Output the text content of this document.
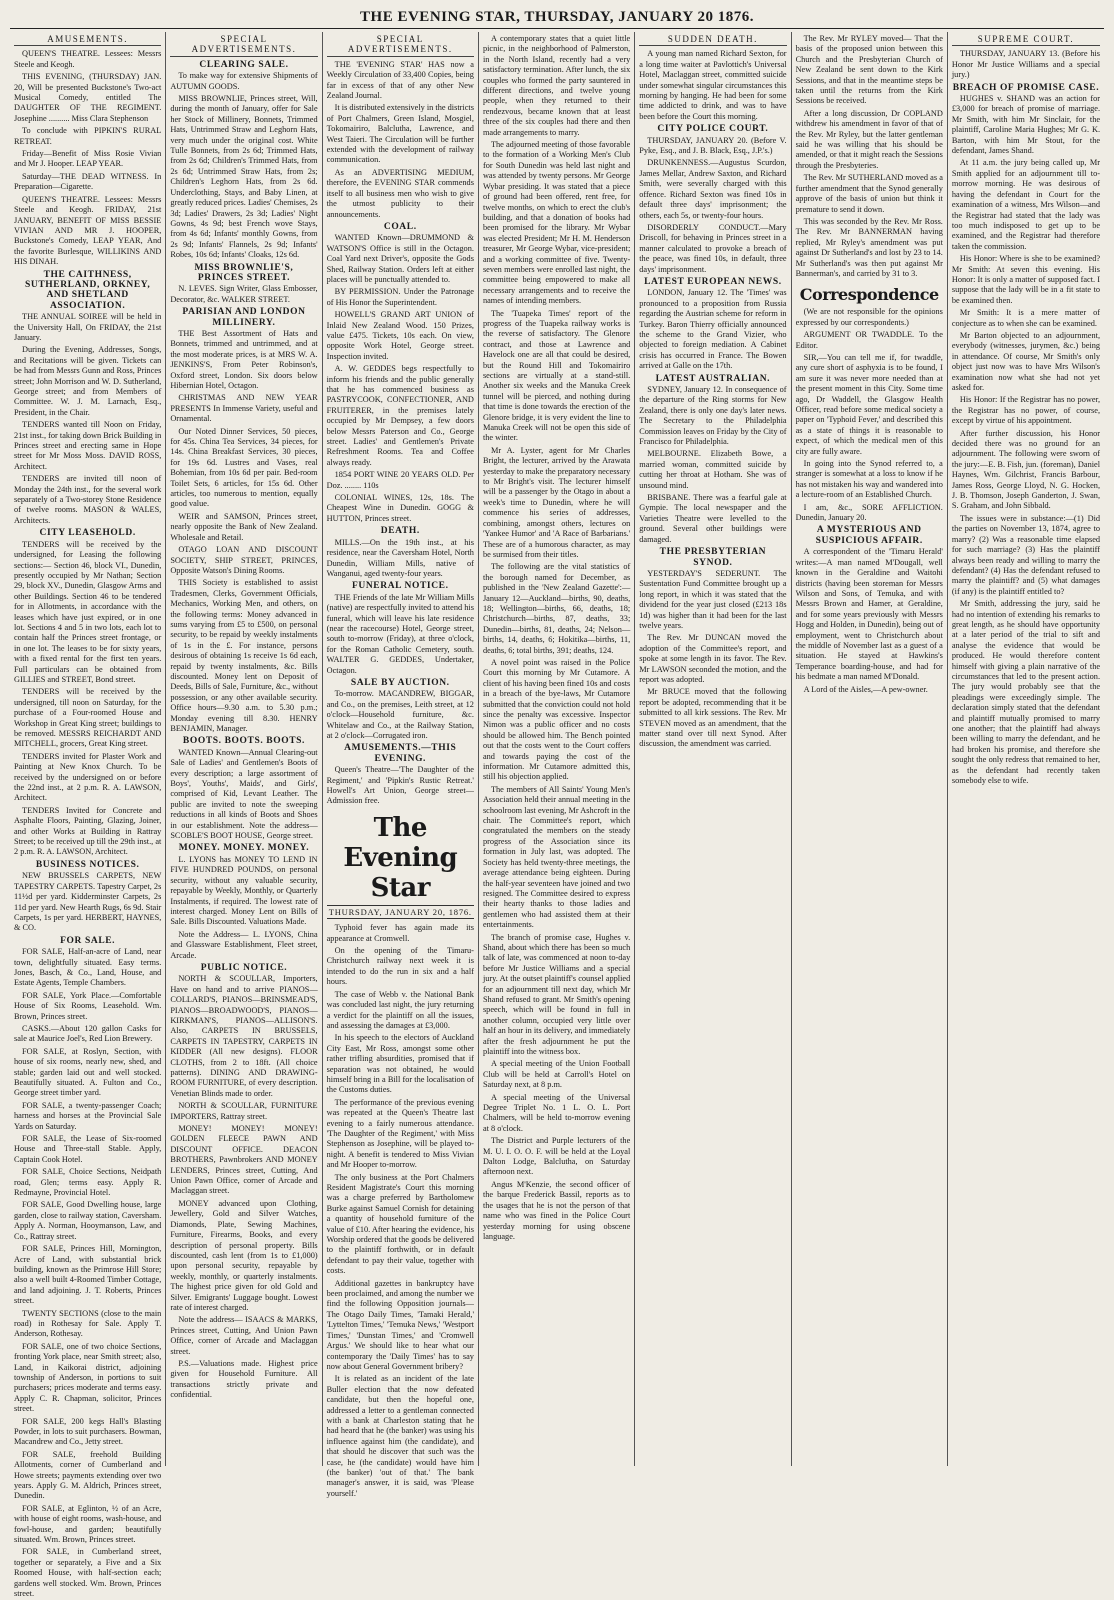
THE EVENING STAR, THURSDAY, JANUARY 20 1876.
AMUSEMENTS.
QUEEN'S THEATRE. Lessees: Messrs Steele and Keogh.
THIS EVENING, (THURSDAY) JAN. 20, Will be presented Buckstone's Two-act Musical Comedy, entitled The DAUGHTER OF THE REGIMENT. Josephine .......... Miss Clara Stephenson
To conclude with PIPKIN'S RURAL RETREAT.
Friday—Benefit of Miss Rosie Vivian and Mr J. Hooper. LEAP YEAR.
Saturday—THE DEAD WITNESS. In Preparation—Cigarette.
QUEEN'S THEATRE. Lessees: Messrs Steele and Keogh. FRIDAY, 21st JANUARY, BENEFIT OF MISS BESSIE VIVIAN AND MR J. HOOPER, Buckstone's Comedy, LEAP YEAR, And the favorite Burlesque, WILLIKINS AND HIS DINAH.
THE CAITHNESS, SUTHERLAND, ORKNEY, AND SHETLAND ASSOCIATION.
THE ANNUAL SOIREE will be held in the University Hall, On FRIDAY, the 21st January.
During the Evening, Addresses, Songs, and Recitations will be given. Tickets can be had from Messrs Gunn and Ross, Princes street; John Morrison and W. D. Sutherland, George street; and from Members of Committee. W. J. M. Larnach, Esq., President, in the Chair.
TENDERS wanted till Noon on Friday, 21st inst., for taking down Brick Building in Princes street and erecting same in Hope street for Mr Moss Moss. DAVID ROSS, Architect.
TENDERS are invited till noon of Monday the 24th inst., for the several work separately of a Two-storey Stone Residence of twelve rooms. MASON & WALES, Architects.
CITY LEASEHOLD.
TENDERS will be received by the undersigned, for Leasing the following sections:— Section 46, block VI., Dunedin, presently occupied by Mr Nathan; Section 29, block XV., Dunedin, Glasgow Arms and other Buildings. Section 46 to be tendered for in Allotments, in accordance with the leases which have just expired, or in one lot. Sections 4 and 5 in two lots, each lot to contain half the Princes street frontage, or in one lot. The leases to be for sixty years, with a fixed rental for the first ten years. Full particulars can be obtained from GILLIES and STREET, Bond street.
TENDERS will be received by the undersigned, till noon on Saturday, for the purchase of a Four-roomed House and Workshop in Great King street; buildings to be removed. MESSRS REICHARDT AND MITCHELL, grocers, Great King street.
TENDERS invited for Plaster Work and Painting at New Knox Church. To be received by the undersigned on or before the 22nd inst., at 2 p.m. R. A. LAWSON, Architect.
TENDERS Invited for Concrete and Asphalte Floors, Painting, Glazing, Joiner, and other Works at Building in Rattray Street; to be received up till the 29th inst., at 2 p.m. R. A. LAWSON, Architect.
BUSINESS NOTICES.
NEW BRUSSELS CARPETS, NEW TAPESTRY CARPETS. Tapestry Carpet, 2s 11½d per yard. Kidderminster Carpets, 2s 11d per yard. New Hearth Rugs, 6s 9d. Stair Carpets, 1s per yard. HERBERT, HAYNES, & CO.
FOR SALE.
FOR SALE, Half-an-acre of Land, near town, delightfully situated. Easy terms. Jones, Basch, & Co., Land, House, and Estate Agents, Temple Chambers.
FOR SALE, York Place.—Comfortable House of Six Rooms, Leasehold. Wm. Brown, Princes street.
CASKS.—About 120 gallon Casks for sale at Maurice Joel's, Red Lion Brewery.
FOR SALE, at Roslyn, Section, with house of six rooms, nearly new, shed, and stable; garden laid out and well stocked. Beautifully situated. A. Fulton and Co., George street timber yard.
FOR SALE, a twenty-passenger Coach; harness and horses at the Provincial Sale Yards on Saturday.
FOR SALE, the Lease of Six-roomed House and Three-stall Stable. Apply, Captain Cook Hotel.
FOR SALE, Choice Sections, Neidpath road, Glen; terms easy. Apply R. Redmayne, Provincial Hotel.
FOR SALE, Good Dwelling house, large garden, close to railway station, Caversham. Apply A. Norman, Hooymanson, Law, and Co., Rattray street.
FOR SALE, Princes Hill, Mornington, Acre of Land, with substantial brick building, known as the Primrose Hill Store; also a well built 4-Roomed Timber Cottage, and land adjoining. J. T. Roberts, Princes street.
TWENTY SECTIONS (close to the main road) in Rothesay for Sale. Apply T. Anderson, Rothesay.
FOR SALE, one of two choice Sections, fronting York place, near Smith street; also, Land, in Kaikorai district, adjoining township of Anderson, in portions to suit purchasers; prices moderate and terms easy. Apply C. R. Chapman, solicitor, Princes street.
FOR SALE, 200 kegs Hall's Blasting Powder, in lots to suit purchasers. Bowman, Macandrew and Co., Jetty street.
FOR SALE, freehold Building Allotments, corner of Cumberland and Howe streets; payments extending over two years. Apply G. M. Aldrich, Princes street, Dunedin.
FOR SALE, at Eglinton, ½ of an Acre, with house of eight rooms, wash-house, and fowl-house, and garden; beautifully situated. Wm. Brown, Princes street.
FOR SALE, in Cumberland street, together or separately, a Five and a Six Roomed House, with half-section each; gardens well stocked. Wm. Brown, Princes street.
SPECIAL ADVERTISEMENTS.
CLEARING SALE.
To make way for extensive Shipments of AUTUMN GOODS.
MISS BROWNLIE, Princes street, Will, during the month of January, offer for Sale her Stock of Millinery, Bonnets, Trimmed Hats, Untrimmed Straw and Leghorn Hats, very much under the original cost. White Tulle Bonnets, from 2s 6d; Trimmed Hats, from 2s 6d; Children's Trimmed Hats, from 2s 6d; Untrimmed Straw Hats, from 2s; Children's Leghorn Hats, from 2s 6d. Underclothing, Stays, and Baby Linen, at greatly reduced prices. Ladies' Chemises, 2s 3d; Ladies' Drawers, 2s 3d; Ladies' Night Gowns, 4s 9d; best French wove Stays, from 4s 6d; Infants' monthly Gowns, from 2s 9d; Infants' Flannels, 2s 9d; Infants' Robes, 10s 6d; Infants' Cloaks, 12s 6d.
MISS BROWNLIE'S, PRINCES STREET.
N. LEVES. Sign Writer, Glass Embosser, Decorator, &c. WALKER STREET.
PARISIAN AND LONDON MILLINERY.
THE Best Assortment of Hats and Bonnets, trimmed and untrimmed, and at the most moderate prices, is at MRS W. A. JENKINS'S, From Peter Robinson's, Oxford street, London. Six doors below Hibernian Hotel, Octagon.
CHRISTMAS AND NEW YEAR PRESENTS In Immense Variety, useful and Ornamental.
Our Noted Dinner Services, 50 pieces, for 45s. China Tea Services, 34 pieces, for 14s. China Breakfast Services, 30 pieces, for 19s 6d. Lustres and Vases, real Bohemian, from 10s 6d per pair. Bed-room Toilet Sets, 6 articles, for 15s 6d. Other articles, too numerous to mention, equally good value.
WEIR and SAMSON, Princes street, nearly opposite the Bank of New Zealand. Wholesale and Retail.
OTAGO LOAN AND DISCOUNT SOCIETY, SHIP STREET, PRINCES, Opposite Watson's Dining Rooms.
THIS Society is established to assist Tradesmen, Clerks, Government Officials, Mechanics, Working Men, and others, on the following terms: Money advanced in sums varying from £5 to £500, on personal security, to be repaid by weekly instalments of 1s in the £. For instance, persons desirous of obtaining 1s receive 1s 6d each, repaid by twenty instalments, &c. Bills discounted. Money lent on Deposit of Deeds, Bills of Sale, Furniture, &c., without possession, or any other available security. Office hours—9.30 a.m. to 5.30 p.m.; Monday evening till 8.30. HENRY BENJAMIN, Manager.
BOOTS. BOOTS. BOOTS.
WANTED Known—Annual Clearing-out Sale of Ladies' and Gentlemen's Boots of every description; a large assortment of Boys', Youths', Maids', and Girls', comprised of Kid, Levant Leather. The public are invited to note the sweeping reductions in all kinds of Boots and Shoes in our establishment. Note the address— SCOBLE'S BOOT HOUSE, George street.
MONEY. MONEY. MONEY.
L. LYONS has MONEY TO LEND IN FIVE HUNDRED POUNDS, on personal security, without any valuable security, repayable by Weekly, Monthly, or Quarterly Instalments, if required. The lowest rate of interest charged. Money Lent on Bills of Sale. Bills Discounted. Valuations Made.
Note the Address— L. LYONS, China and Glassware Establishment, Fleet street, Arcade.
PUBLIC NOTICE.
NORTH & SCOULLAR, Importers, Have on hand and to arrive PIANOS—COLLARD'S, PIANOS—BRINSMEAD'S, PIANOS—BROADWOOD'S, PIANOS—KIRKMAN'S, PIANOS—ALLISON'S. Also, CARPETS IN BRUSSELS, CARPETS IN TAPESTRY, CARPETS IN KIDDER (All new designs). FLOOR CLOTHS, from 2 to 18ft. (All choice patterns). DINING AND DRAWING-ROOM FURNITURE, of every description. Venetian Blinds made to order.
NORTH & SCOULLAR, FURNITURE IMPORTERS, Rattray street.
MONEY! MONEY! MONEY! GOLDEN FLEECE PAWN AND DISCOUNT OFFICE. DEACON BROTHERS, Pawnbrokers AND MONEY LENDERS, Princes street, Cutting, And Union Pawn Office, corner of Arcade and Maclaggan street.
MONEY advanced upon Clothing, Jewellery, Gold and Silver Watches, Diamonds, Plate, Sewing Machines, Furniture, Firearms, Books, and every description of personal property. Bills discounted, cash lent (from 1s to £1,000) upon personal security, repayable by weekly, monthly, or quarterly instalments. The highest price given for old Gold and Silver. Emigrants' Luggage bought. Lowest rate of interest charged.
Note the address— ISAACS & MARKS, Princes street, Cutting, And Union Pawn Office, corner of Arcade and Maclaggan street.
P.S.—Valuations made. Highest price given for Household Furniture. All transactions strictly private and confidential.
SPECIAL ADVERTISEMENTS.
THE 'EVENING STAR' HAS now a Weekly Circulation of 33,400 Copies, being far in excess of that of any other New Zealand Journal.
It is distributed extensively in the districts of Port Chalmers, Green Island, Mosgiel, Tokomairiro, Balclutha, Lawrence, and West Taieri. The Circulation will be further extended with the development of railway communication.
As an ADVERTISING MEDIUM, therefore, the EVENING STAR commends itself to all business men who wish to give the utmost publicity to their announcements.
COAL.
WANTED Known—DRUMMOND & WATSON'S Office is still in the Octagon. Coal Yard next Driver's, opposite the Gods Shed, Railway Station. Orders left at either places will be punctually attended to.
BY PERMISSION. Under the Patronage of His Honor the Superintendent.
HOWELL'S GRAND ART UNION of Inlaid New Zealand Wood. 150 Prizes, value £475. Tickets, 10s each. On view, opposite Work Hotel, George street. Inspection invited.
A. W. GEDDES begs respectfully to inform his friends and the public generally that he has commenced business as PASTRYCOOK, CONFECTIONER, AND FRUITERER, in the premises lately occupied by Mr Dempsey, a few doors below Messrs Paterson and Co., George street. Ladies' and Gentlemen's Private Refreshment Rooms. Tea and Coffee always ready.
1854 PORT WINE 20 YEARS OLD. Per Doz. ........ 110s
COLONIAL WINES, 12s, 18s. The Cheapest Wine in Dunedin. GOGG & HUTTON, Princes street.
DEATH.
MILLS.—On the 19th inst., at his residence, near the Caversham Hotel, North Dunedin, William Mills, native of Wanganui, aged twenty-four years.
FUNERAL NOTICE.
THE Friends of the late Mr William Mills (native) are respectfully invited to attend his funeral, which will leave his late residence (near the racecourse) Hotel, George street, south to-morrow (Friday), at three o'clock, for the Roman Catholic Cemetery, south. WALTER G. GEDDES, Undertaker, Octagon.
SALE BY AUCTION.
To-morrow. MACANDREW, BIGGAR, and Co., on the premises, Leith street, at 12 o'clock—Household furniture, &c. Whitelaw and Co., at the Railway Station, at 2 o'clock—Corrugated iron.
AMUSEMENTS.—THIS EVENING.
Queen's Theatre—'The Daughter of the Regiment,' and 'Pipkin's Rustic Retreat.' Howell's Art Union, George street—Admission free.
The Evening Star
THURSDAY, JANUARY 20, 1876.
Typhoid fever has again made its appearance at Cromwell.
On the opening of the Timaru-Christchurch railway next week it is intended to do the run in six and a half hours.
The case of Webb v. the National Bank was concluded last night, the jury returning a verdict for the plaintiff on all the issues, and assessing the damages at £3,000.
In his speech to the electors of Auckland City East, Mr Ross, amongst some other rather trifling absurdities, promised that if separation was not obtained, he would himself bring in a Bill for the localisation of the Customs duties.
The performance of the previous evening was repeated at the Queen's Theatre last evening to a fairly numerous attendance. 'The Daughter of the Regiment,' with Miss Stephenson as Josephine, will be played to-night. A benefit is tendered to Miss Vivian and Mr Hooper to-morrow.
The only business at the Port Chalmers Resident Magistrate's Court this morning was a charge preferred by Bartholomew Burke against Samuel Cornish for detaining a quantity of household furniture of the value of £10. After hearing the evidence, his Worship ordered that the goods be delivered to the plaintiff forthwith, or in default defendant to pay their value, together with costs.
Additional gazettes in bankruptcy have been proclaimed, and among the number we find the following Opposition journals—The Otago Daily Times, 'Tamaki Herald,' 'Lyttelton Times,' 'Temuka News,' 'Westport Times,' 'Dunstan Times,' and 'Cromwell Argus.' We should like to hear what our contemporary the 'Daily Times' has to say now about General Government bribery?
It is related as an incident of the late Buller election that the now defeated candidate, but then the hopeful one, addressed a letter to a gentleman connected with a bank at Charleston stating that he had heard that he (the banker) was using his influence against him (the candidate), and that should he discover that such was the case, he (the candidate) would have him (the banker) 'out of that.' The bank manager's answer, it is said, was 'Please yourself.'
A contemporary states that a quiet little picnic, in the neighborhood of Palmerston, in the North Island, recently had a very satisfactory termination. After lunch, the six couples who formed the party sauntered in different directions, and twelve young people, when they returned to their rendezvous, became known that at least three of the six couples had there and then made arrangements to marry.
The adjourned meeting of those favorable to the formation of a Working Men's Club for South Dunedin was held last night and was attended by twenty persons. Mr George Wybar presiding. It was stated that a piece of ground had been offered, rent free, for twelve months, on which to erect the club's building, and that a donation of books had been promised for the library. Mr Wybar was elected President; Mr H. M. Henderson treasurer, Mr George Wybar, vice-president; and a working committee of five. Twenty-seven members were enrolled last night, the committee being empowered to make all necessary arrangements and to receive the names of intending members.
The 'Tuapeka Times' report of the progress of the Tuapeka railway works is the reverse of satisfactory. The Glenore contract, and those at Lawrence and Havelock one are all that could be desired, but the Round Hill and Tokomairiro sections are virtually at a stand-still. Another six weeks and the Manuka Creek tunnel will be pierced, and nothing during that time is done towards the erection of the Glenore bridge, it is very evident the line to Manuka Creek will not be open this side of the winter.
Mr A. Lyster, agent for Mr Charles Bright, the lecturer, arrived by the Arawata yesterday to make the preparatory necessary to Mr Bright's visit. The lecturer himself will be a passenger by the Otago in about a week's time to Dunedin, where he will commence his series of addresses, combining, amongst others, lectures on 'Yankee Humor' and 'A Race of Barbarians.' These are of a humorous character, as may be surmised from their titles.
The following are the vital statistics of the borough named for December, as published in the 'New Zealand Gazette':— January 12—Auckland—births, 90, deaths, 18; Wellington—births, 66, deaths, 18; Christchurch—births, 87, deaths, 33; Dunedin—births, 81, deaths, 24; Nelson—births, 14, deaths, 6; Hokitika—births, 11, deaths, 6; total births, 391; deaths, 124.
A novel point was raised in the Police Court this morning by Mr Cutamore. A client of his having been fined 10s and costs in a breach of the bye-laws, Mr Cutamore submitted that the conviction could not hold since the penalty was excessive. Inspector Nimon was a public officer and no costs should be allowed him. The Bench pointed out that the costs went to the Court coffers and towards paying the cost of the information. Mr Cutamore admitted this, still his objection applied.
The members of All Saints' Young Men's Association held their annual meeting in the schoolroom last evening, Mr Ashcroft in the chair. The Committee's report, which congratulated the members on the steady progress of the Association since its formation in July last, was adopted. The Society has held twenty-three meetings, the average attendance being eighteen. During the half-year seventeen have joined and two resigned. The Committee desired to express their hearty thanks to those ladies and gentlemen who had assisted them at their entertainments.
The branch of promise case, Hughes v. Shand, about which there has been so much talk of late, was commenced at noon to-day before Mr Justice Williams and a special jury. At the outset plaintiff's counsel applied for an adjournment till next day, which Mr Shand refused to grant. Mr Smith's opening speech, which will be found in full in another column, occupied very little over half an hour in its delivery, and immediately after the fresh adjournment he put the plaintiff into the witness box.
A special meeting of the Union Football Club will be held at Carroll's Hotel on Saturday next, at 8 p.m.
A special meeting of the Universal Degree Triplet No. 1 L. O. L. Port Chalmers, will be held to-morrow evening at 8 o'clock.
The District and Purple lecturers of the M. U. I. O. O. F. will be held at the Loyal Dalton Lodge, Balclutha, on Saturday afternoon next.
Angus M'Kenzie, the second officer of the barque Frederick Bassil, reports as to the usages that he is not the person of that name who was fined in the Police Court yesterday morning for using obscene language.
SUDDEN DEATH.
A young man named Richard Sexton, for a long time waiter at Pavlottich's Universal Hotel, Maclaggan street, committed suicide under somewhat singular circumstances this morning by hanging. He had been for some time addicted to drink, and was to have been before the Court this morning.
CITY POLICE COURT.
THURSDAY, JANUARY 20. (Before V. Pyke, Esq., and J. B. Black, Esq., J.P.'s.)
DRUNKENNESS.—Augustus Scurdon, James Mellar, Andrew Saxton, and Richard Smith, were severally charged with this offence. Richard Sexton was fined 10s in default three days' imprisonment; the others, each 5s, or twenty-four hours.
DISORDERLY CONDUCT.—Mary Driscoll, for behaving in Princes street in a manner calculated to provoke a breach of the peace, was fined 10s, in default, three days' imprisonment.
LATEST EUROPEAN NEWS.
LONDON, January 12. The 'Times' was pronounced to a proposition from Russia regarding the Austrian scheme for reform in Turkey. Baron Thierry officially announced the scheme to the Grand Vizier, who objected to foreign mediation. A Cabinet crisis has occurred in France. The Bowen arrived at Galle on the 17th.
LATEST AUSTRALIAN.
SYDNEY, January 12. In consequence of the departure of the Ring storms for New Zealand, there is only one day's later news. The Secretary to the Philadelphia Commission leaves on Friday by the City of Francisco for Philadelphia.
MELBOURNE. Elizabeth Bowe, a married woman, committed suicide by cutting her throat at Hotham. She was of unsound mind.
BRISBANE. There was a fearful gale at Gympie. The local newspaper and the Varieties Theatre were levelled to the ground. Several other buildings were damaged.
THE PRESBYTERIAN SYNOD.
YESTERDAY'S SEDERUNT. The Sustentation Fund Committee brought up a long report, in which it was stated that the dividend for the year just closed (£213 18s 1d) was higher than it had been for the last twelve years.
The Rev. Mr DUNCAN moved the adoption of the Committee's report, and spoke at some length in its favor. The Rev. Mr LAWSON seconded the motion, and the report was adopted.
Mr BRUCE moved that the following report be adopted, recommending that it be submitted to all kirk sessions. The Rev. Mr STEVEN moved as an amendment, that the matter stand over till next Synod. After discussion, the amendment was carried.
The Rev. Mr RYLEY moved— That the basis of the proposed union between this Church and the Presbyterian Church of New Zealand be sent down to the Kirk Sessions, and that in the meantime steps be taken until the returns from the Kirk Sessions be received.
After a long discussion, Dr COPLAND withdrew his amendment in favor of that of the Rev. Mr Ryley, but the latter gentleman said he was willing that his should be amended, or that it might reach the Sessions through the Presbyteries.
The Rev. Mr SUTHERLAND moved as a further amendment that the Synod generally approve of the basis of union but think it premature to send it down.
This was seconded by the Rev. Mr Ross. The Rev. Mr BANNERMAN having replied, Mr Ryley's amendment was put against Dr Sutherland's and lost by 23 to 14. Mr Sutherland's was then put against Mr Bannerman's, and carried by 31 to 3.
Correspondence
(We are not responsible for the opinions expressed by our correspondents.)
ARGUMENT OR TWADDLE. To the Editor.
SIR,—You can tell me if, for twaddle, any cure short of asphyxia is to be found, I am sure it was never more needed than at the present moment in this City. Some time ago, Dr Waddell, the Glasgow Health Officer, read before some medical society a paper on 'Typhoid Fever,' and described this as a state of things it is reasonable to expect, of which the medical men of this city are fully aware.
In going into the Synod referred to, a stranger is somewhat at a loss to know if he has not mistaken his way and wandered into a lecture-room of an Established Church.
I am, &c., SORE AFFLICTION. Dunedin, January 20.
A MYSTERIOUS AND SUSPICIOUS AFFAIR.
A correspondent of the 'Timaru Herald' writes:—A man named M'Dougall, well known in the Geraldine and Waitohi districts (having been storeman for Messrs Wilson and Sons, of Temuka, and with Messrs Brown and Hamer, at Geraldine, and for some years previously with Messrs Hogg and Holden, in Dunedin), being out of employment, went to Christchurch about the middle of November last as a guest of a situation. He stayed at Hawkins's Temperance boarding-house, and had for his bedmate a man named M'Donald.
A Lord of the Aisles,—A pew-owner.
SUPREME COURT.
THURSDAY, JANUARY 13. (Before his Honor Mr Justice Williams and a special jury.)
BREACH OF PROMISE CASE.
HUGHES v. SHAND was an action for £3,000 for breach of promise of marriage. Mr Smith, with him Mr Sinclair, for the plaintiff, Caroline Maria Hughes; Mr G. K. Barton, with him Mr Stout, for the defendant, James Shand.
At 11 a.m. the jury being called up, Mr Smith applied for an adjournment till to-morrow morning. He was desirous of having the defendant in Court for the examination of a witness, Mrs Wilson—and the Registrar had stated that the lady was too much indisposed to get up to be examined, and the Registrar had therefore taken the commission.
His Honor: Where is she to be examined? Mr Smith: At seven this evening. His Honor: It is only a matter of supposed fact. I suppose that the lady will be in a fit state to be examined then.
Mr Smith: It is a mere matter of conjecture as to when she can be examined.
Mr Barton objected to an adjournment, everybody (witnesses, jurymen, &c.) being in attendance. Of course, Mr Smith's only object just now was to have Mrs Wilson's examination now what she had not yet asked for.
His Honor: If the Registrar has no power, the Registrar has no power, of course, except by virtue of his appointment.
After further discussion, his Honor decided there was no ground for an adjournment. The following were sworn of the jury:—E. B. Fish, jun. (foreman), Daniel Haynes, Wm. Gilchrist, Francis Barbour, James Ross, George Lloyd, N. G. Hocken, J. B. Thomson, Joseph Ganderton, J. Swan, S. Graham, and John Sibbald.
The issues were in substance:—(1) Did the parties on November 13, 1874, agree to marry? (2) Was a reasonable time elapsed for such marriage? (3) Has the plaintiff always been ready and willing to marry the defendant? (4) Has the defendant refused to marry the plaintiff? and (5) what damages (if any) is the plaintiff entitled to?
Mr Smith, addressing the jury, said he had no intention of extending his remarks to great length, as he should have opportunity at a later period of the trial to sift and analyse the evidence that would be produced. He would therefore content himself with giving a plain narrative of the circumstances that led to the present action. The jury would probably see that the pleadings were exceedingly simple. The declaration simply stated that the defendant and plaintiff mutually promised to marry one another; that the plaintiff had always been willing to marry the defendant, and he had broken his promise, and therefore she sought the only redress that remained to her, as the defendant had recently taken somebody else to wife.
